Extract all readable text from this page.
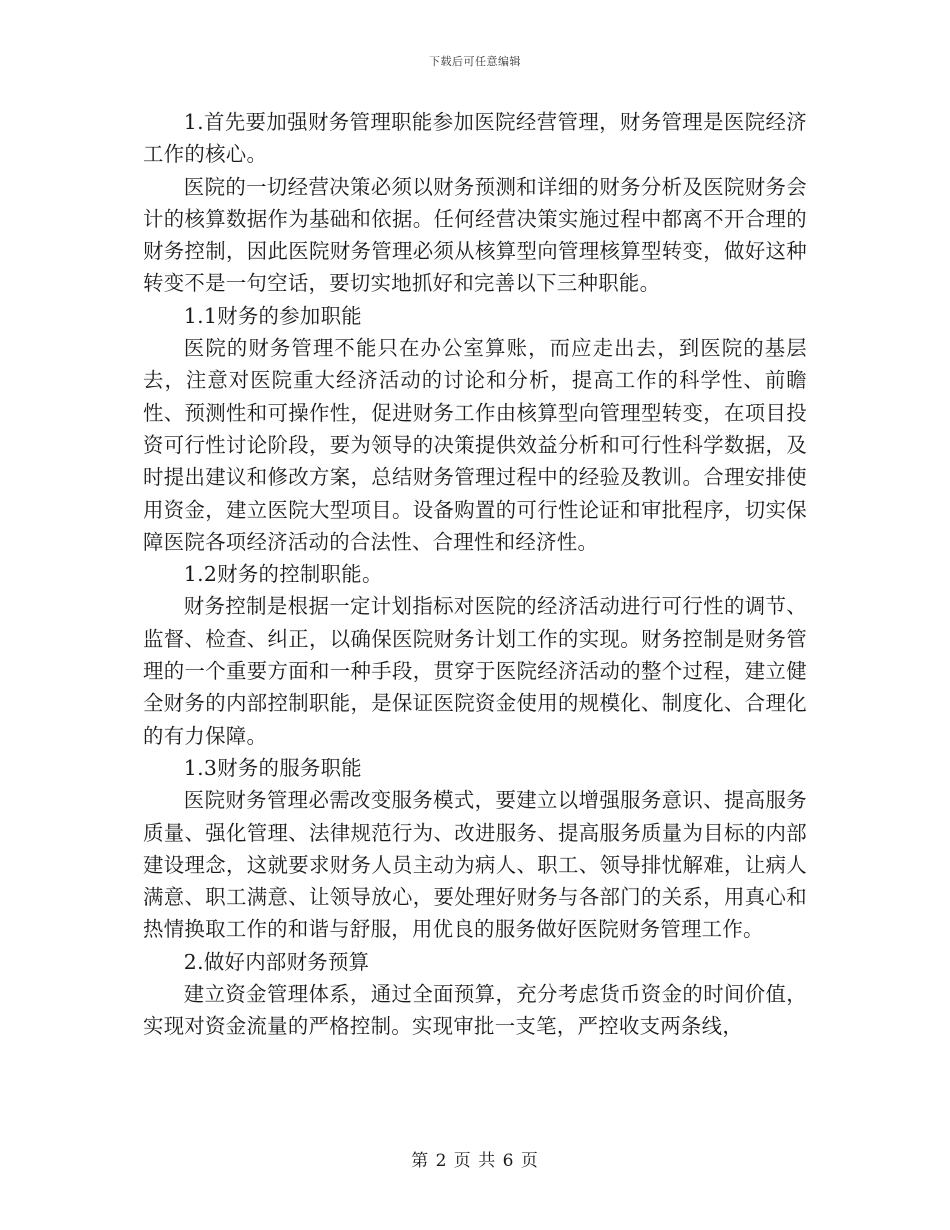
下载后可任意编辑

1.首先要加强财务管理职能参加医院经营管理，财务管理是医院经济工作的核心。

医院的一切经营决策必须以财务预测和详细的财务分析及医院财务会计的核算数据作为基础和依据。任何经营决策实施过程中都离不开合理的财务控制，因此医院财务管理必须从核算型向管理核算型转变，做好这种转变不是一句空话，要切实地抓好和完善以下三种职能。

1.1财务的参加职能

医院的财务管理不能只在办公室算账，而应走出去，到医院的基层去，注意对医院重大经济活动的讨论和分析，提高工作的科学性、前瞻性、预测性和可操作性，促进财务工作由核算型向管理型转变，在项目投资可行性讨论阶段，要为领导的决策提供效益分析和可行性科学数据，及时提出建议和修改方案，总结财务管理过程中的经验及教训。合理安排使用资金，建立医院大型项目。设备购置的可行性论证和审批程序，切实保障医院各项经济活动的合法性、合理性和经济性。

1.2财务的控制职能。

财务控制是根据一定计划指标对医院的经济活动进行可行性的调节、监督、检查、纠正，以确保医院财务计划工作的实现。财务控制是财务管理的一个重要方面和一种手段，贯穿于医院经济活动的整个过程，建立健全财务的内部控制职能，是保证医院资金使用的规模化、制度化、合理化的有力保障。

1.3财务的服务职能

医院财务管理必需改变服务模式，要建立以增强服务意识、提高服务质量、强化管理、法律规范行为、改进服务、提高服务质量为目标的内部建设理念，这就要求财务人员主动为病人、职工、领导排忧解难，让病人满意、职工满意、让领导放心，要处理好财务与各部门的关系，用真心和热情换取工作的和谐与舒服，用优良的服务做好医院财务管理工作。

2.做好内部财务预算

建立资金管理体系，通过全面预算，充分考虑货币资金的时间价值，实现对资金流量的严格控制。实现审批一支笔，严控收支两条线，

第 2 页 共 6 页
